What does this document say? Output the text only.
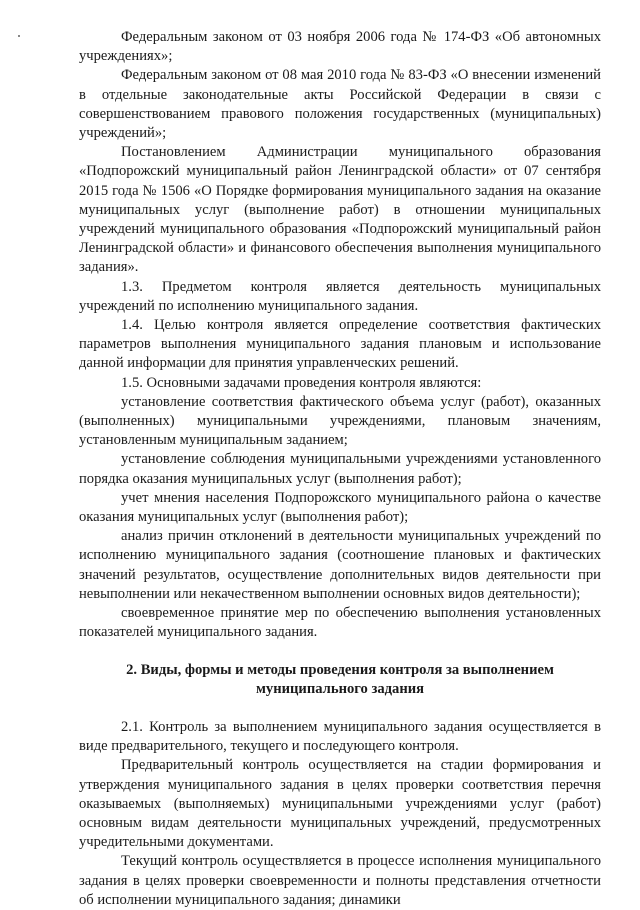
Федеральным законом от 03 ноября 2006 года № 174-ФЗ «Об автономных учреждениях»;

Федеральным законом от 08 мая 2010 года № 83-ФЗ «О внесении изменений в отдельные законодательные акты Российской Федерации в связи с совершенствованием правового положения государственных (муниципальных) учреждений»;

Постановлением Администрации муниципального образования «Подпорожский муниципальный район Ленинградской области» от 07 сентября 2015 года № 1506 «О Порядке формирования муниципального задания на оказание муниципальных услуг (выполнение работ) в отношении муниципальных учреждений муниципального образования «Подпорожский муниципальный район Ленинградской области» и финансового обеспечения выполнения муниципального задания».

1.3. Предметом контроля является деятельность муниципальных учреждений по исполнению муниципального задания.

1.4. Целью контроля является определение соответствия фактических параметров выполнения муниципального задания плановым и использование данной информации для принятия управленческих решений.

1.5. Основными задачами проведения контроля являются:

установление соответствия фактического объема услуг (работ), оказанных (выполненных) муниципальными учреждениями, плановым значениям, установленным муниципальным заданием;

установление соблюдения муниципальными учреждениями установленного порядка оказания муниципальных услуг (выполнения работ);

учет мнения населения Подпорожского муниципального района о качестве оказания муниципальных услуг (выполнения работ);

анализ причин отклонений в деятельности муниципальных учреждений по исполнению муниципального задания (соотношение плановых и фактических значений результатов, осуществление дополнительных видов деятельности при невыполнении или некачественном выполнении основных видов деятельности);

своевременное принятие мер по обеспечению выполнения установленных показателей муниципального задания.

2. Виды, формы и методы проведения контроля за выполнением муниципального задания

2.1. Контроль за выполнением муниципального задания осуществляется в виде предварительного, текущего и последующего контроля.

Предварительный контроль осуществляется на стадии формирования и утверждения муниципального задания в целях проверки соответствия перечня оказываемых (выполняемых) муниципальными учреждениями услуг (работ) основным видам деятельности муниципальных учреждений, предусмотренных учредительными документами.

Текущий контроль осуществляется в процессе исполнения муниципального задания в целях проверки своевременности и полноты представления отчетности об исполнении муниципального задания; динамики
